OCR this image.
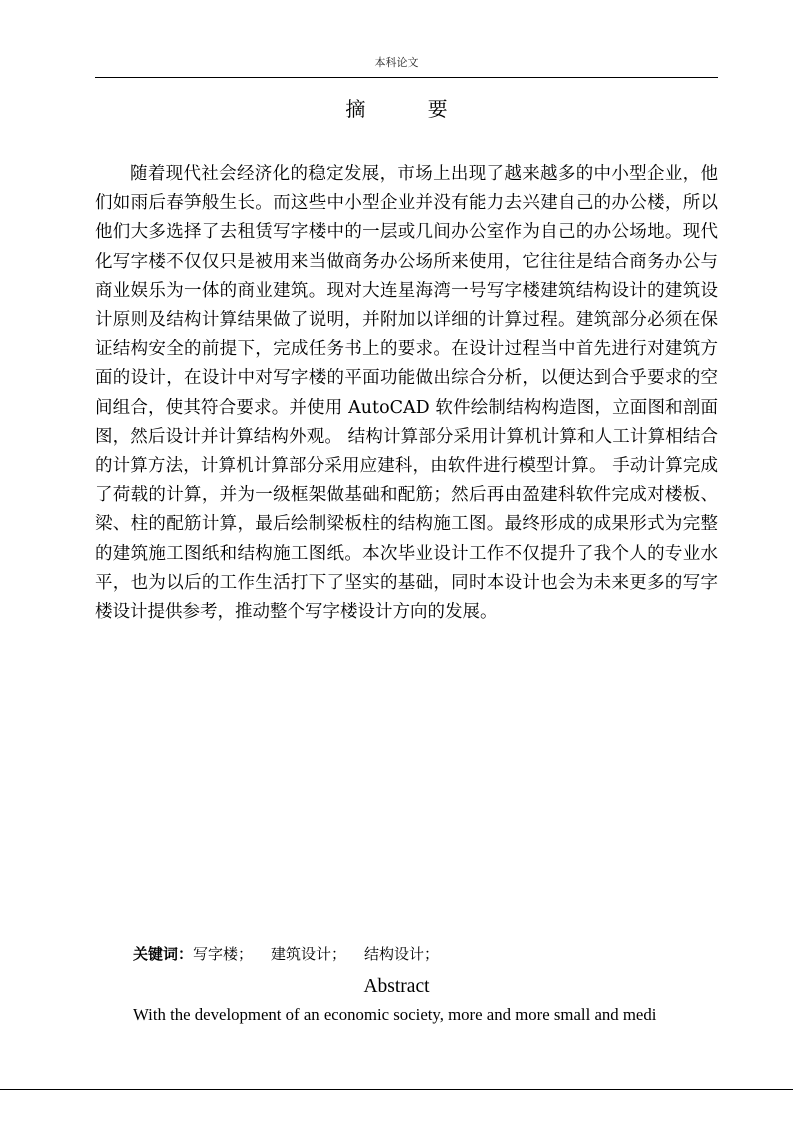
本科论文
摘 要

随着现代社会经济化的稳定发展，市场上出现了越来越多的中小型企业，他们如雨后春笋般生长。而这些中小型企业并没有能力去兴建自己的办公楼，所以他们大多选择了去租赁写字楼中的一层或几间办公室作为自己的办公场地。现代化写字楼不仅仅只是被用来当做商务办公场所来使用，它往往是结合商务办公与商业娱乐为一体的商业建筑。现对大连星海湾一号写字楼建筑结构设计的建筑设计原则及结构计算结果做了说明，并附加以详细的计算过程。建筑部分必须在保证结构安全的前提下，完成任务书上的要求。在设计过程当中首先进行对建筑方面的设计，在设计中对写字楼的平面功能做出综合分析，以便达到合乎要求的空间组合，使其符合要求。并使用 AutoCAD 软件绘制结构构造图，立面图和剖面图，然后设计并计算结构外观。 结构计算部分采用计算机计算和人工计算相结合的计算方法，计算机计算部分采用应建科，由软件进行模型计算。 手动计算完成了荷载的计算，并为一级框架做基础和配筋；然后再由盈建科软件完成对楼板、梁、柱的配筋计算，最后绘制梁板柱的结构施工图。最终形成的成果形式为完整的建筑施工图纸和结构施工图纸。本次毕业设计工作不仅提升了我个人的专业水平，也为以后的工作生活打下了坚实的基础，同时本设计也会为未来更多的写字楼设计提供参考，推动整个写字楼设计方向的发展。

关键词：写字楼； 建筑设计； 结构设计；
Abstract
With the development of an economic society, more and more small and medi
